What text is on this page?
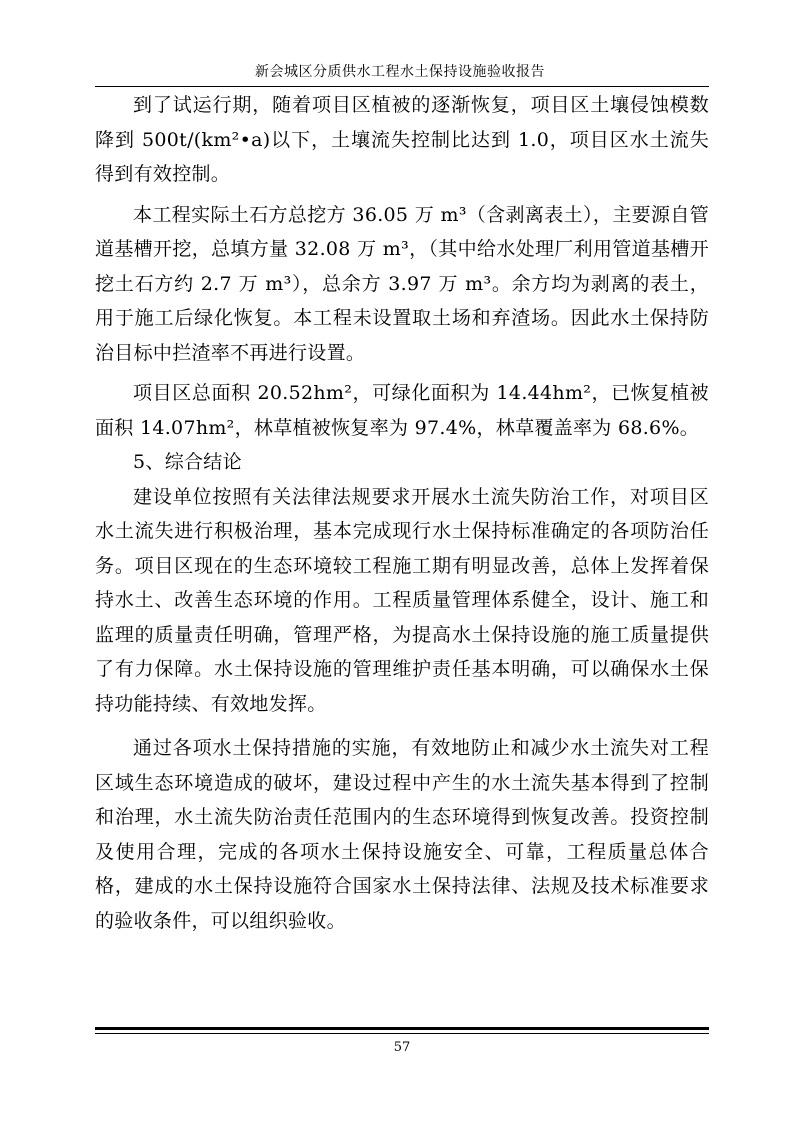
新会城区分质供水工程水土保持设施验收报告

到了试运行期，随着项目区植被的逐渐恢复，项目区土壤侵蚀模数降到 500t/(km²•a)以下，土壤流失控制比达到 1.0，项目区水土流失得到有效控制。

本工程实际土石方总挖方 36.05 万 m³（含剥离表土），主要源自管道基槽开挖，总填方量 32.08 万 m³，（其中给水处理厂利用管道基槽开挖土石方约 2.7 万 m³），总余方 3.97 万 m³。余方均为剥离的表土，用于施工后绿化恢复。本工程未设置取土场和弃渣场。因此水土保持防治目标中拦渣率不再进行设置。

项目区总面积 20.52hm²，可绿化面积为 14.44hm²，已恢复植被面积 14.07hm²，林草植被恢复率为 97.4%，林草覆盖率为 68.6%。

5、综合结论

建设单位按照有关法律法规要求开展水土流失防治工作，对项目区水土流失进行积极治理，基本完成现行水土保持标准确定的各项防治任务。项目区现在的生态环境较工程施工期有明显改善，总体上发挥着保持水土、改善生态环境的作用。工程质量管理体系健全，设计、施工和监理的质量责任明确，管理严格，为提高水土保持设施的施工质量提供了有力保障。水土保持设施的管理维护责任基本明确，可以确保水土保持功能持续、有效地发挥。

通过各项水土保持措施的实施，有效地防止和减少水土流失对工程区域生态环境造成的破坏，建设过程中产生的水土流失基本得到了控制和治理，水土流失防治责任范围内的生态环境得到恢复改善。投资控制及使用合理，完成的各项水土保持设施安全、可靠，工程质量总体合格，建成的水土保持设施符合国家水土保持法律、法规及技术标准要求的验收条件，可以组织验收。

57
